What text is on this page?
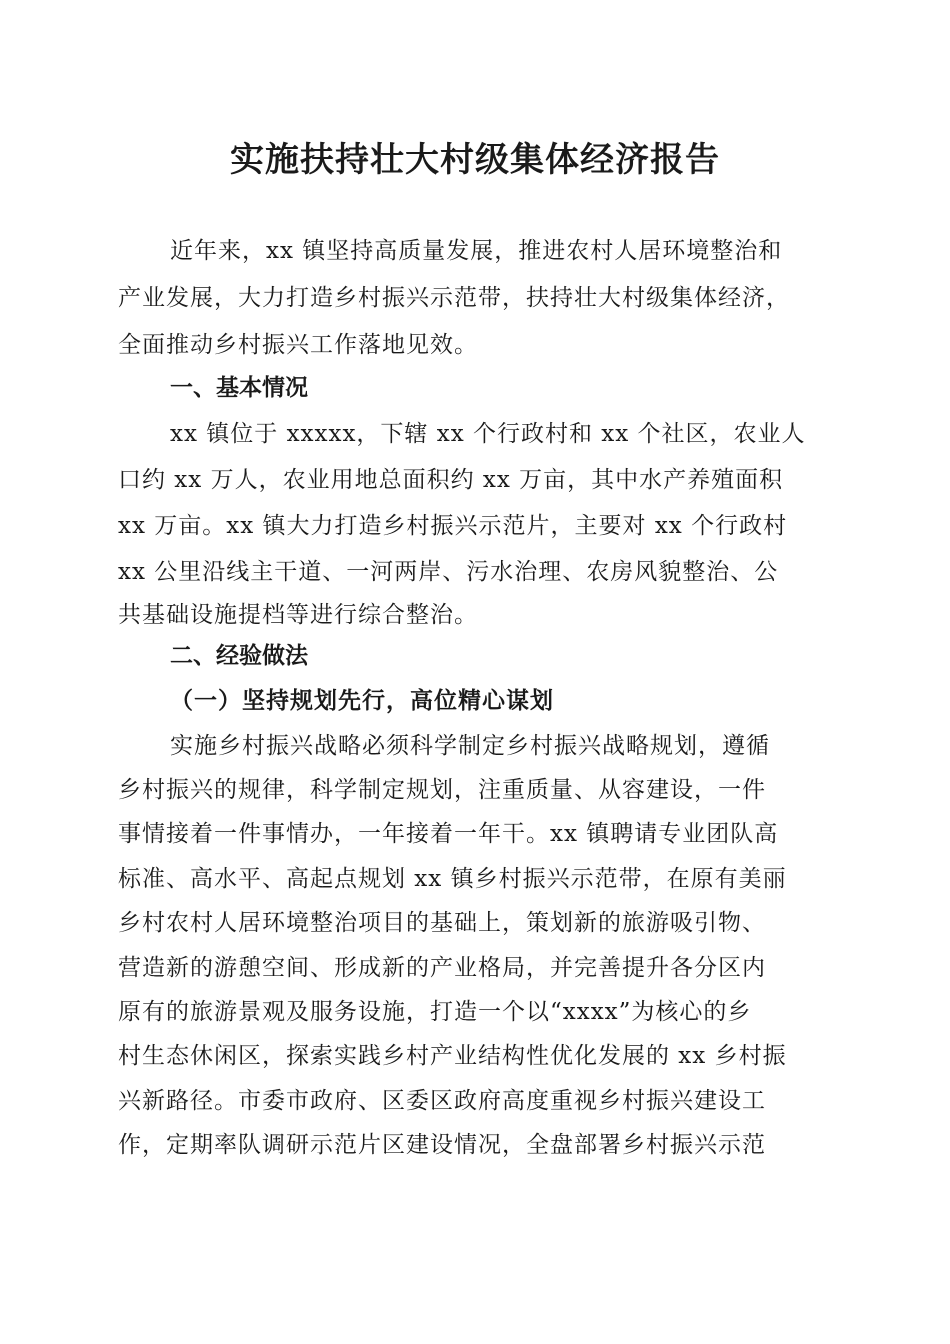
实施扶持壮大村级集体经济报告
近年来，xx 镇坚持高质量发展，推进农村人居环境整治和
产业发展，大力打造乡村振兴示范带，扶持壮大村级集体经济，
全面推动乡村振兴工作落地见效。
一、基本情况
xx 镇位于 xxxxx，下辖 xx 个行政村和 xx 个社区，农业人
口约 xx 万人，农业用地总面积约 xx 万亩，其中水产养殖面积
xx 万亩。xx 镇大力打造乡村振兴示范片，主要对 xx 个行政村
xx 公里沿线主干道、一河两岸、污水治理、农房风貌整治、公
共基础设施提档等进行综合整治。
二、经验做法
（一）坚持规划先行，高位精心谋划
实施乡村振兴战略必须科学制定乡村振兴战略规划，遵循
乡村振兴的规律，科学制定规划，注重质量、从容建设，一件
事情接着一件事情办，一年接着一年干。xx 镇聘请专业团队高
标准、高水平、高起点规划 xx 镇乡村振兴示范带，在原有美丽
乡村农村人居环境整治项目的基础上，策划新的旅游吸引物、
营造新的游憩空间、形成新的产业格局，并完善提升各分区内
原有的旅游景观及服务设施，打造一个以“xxxx”为核心的乡
村生态休闲区，探索实践乡村产业结构性优化发展的 xx 乡村振
兴新路径。市委市政府、区委区政府高度重视乡村振兴建设工
作，定期率队调研示范片区建设情况，全盘部署乡村振兴示范
